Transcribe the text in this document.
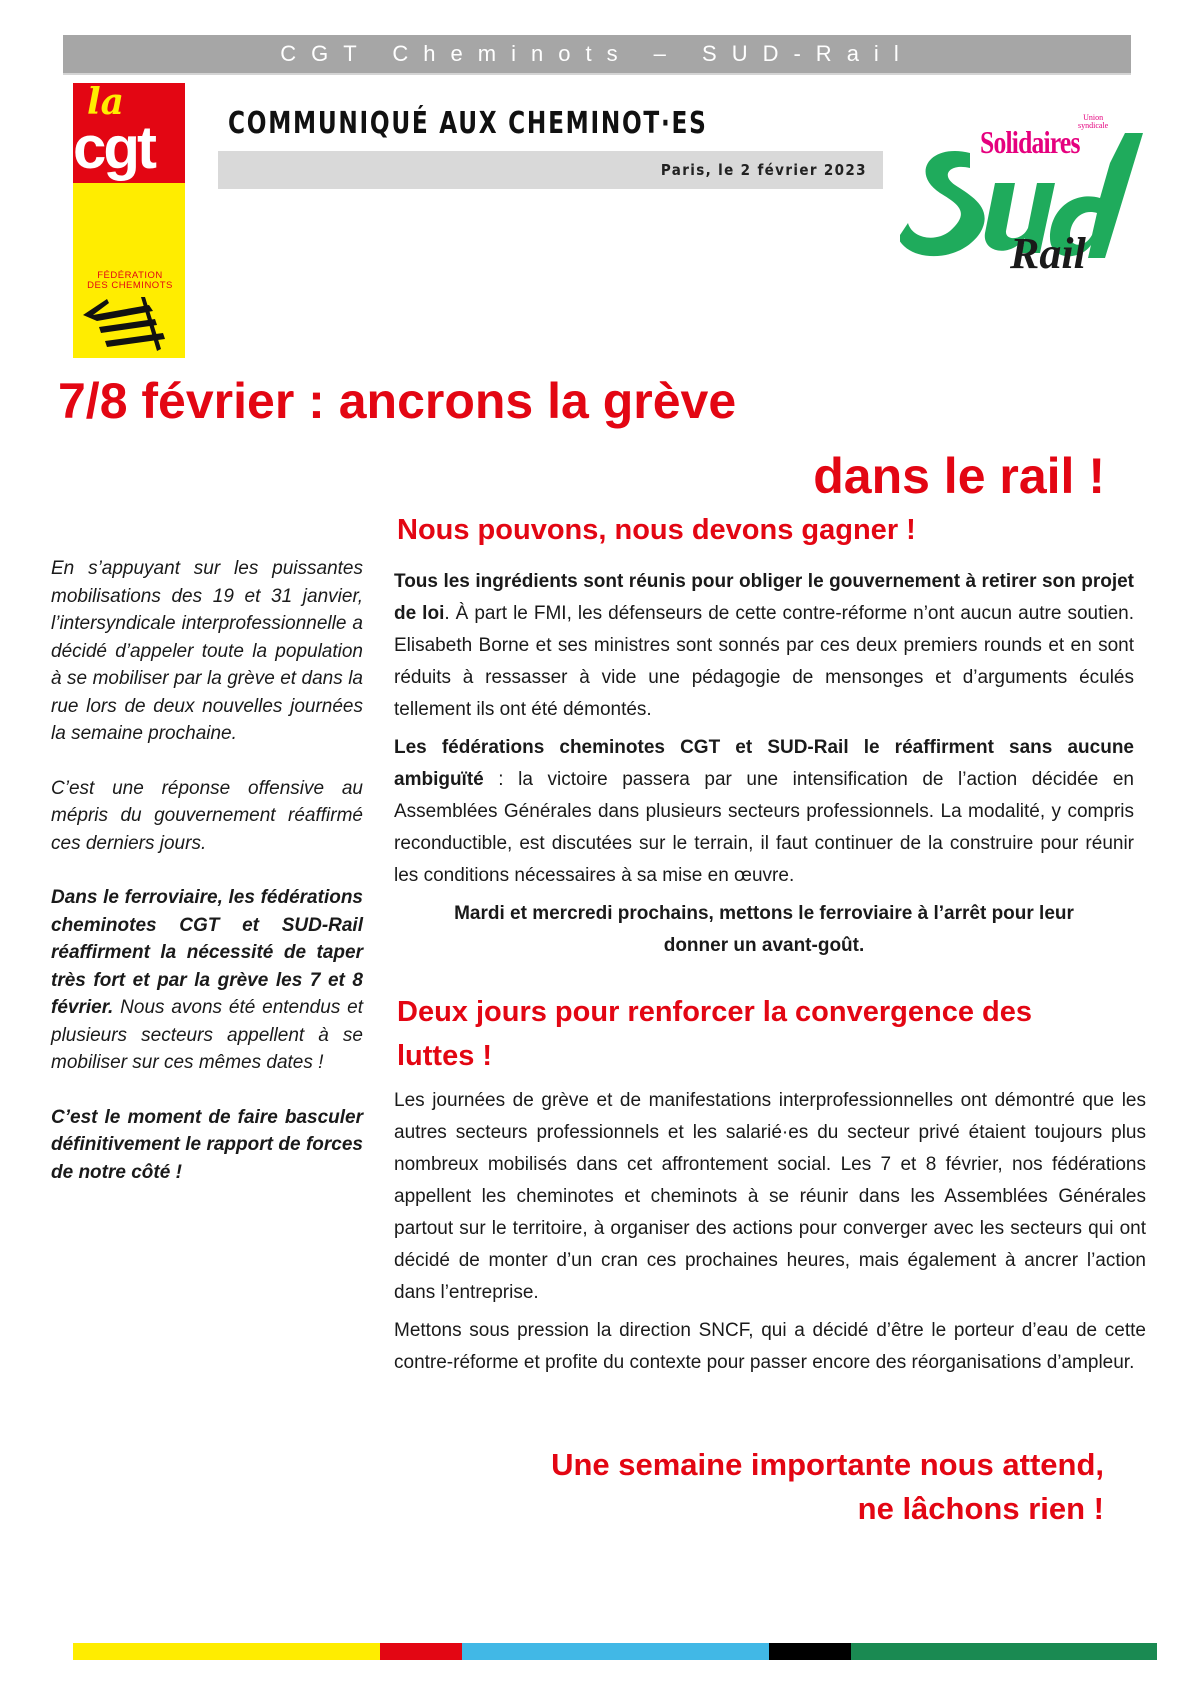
CGT Cheminots – SUD-Rail
la
cgt
FÉDÉRATION
DES CHEMINOTS
COMMUNIQUÉ AUX CHEMINOT·ES
Paris, le 2 février 2023
Union
syndicale
Solidaires
Rail
7/8 février : ancrons la grève
dans le rail !
Nous pouvons, nous devons gagner !

En s’appuyant sur les puissantes mobilisations des 19 et 31 janvier, l’intersyndicale interprofessionnelle a décidé d’appeler toute la population à se mobiliser par la grève et dans la rue lors de deux nouvelles journées la semaine prochaine.

C’est une réponse offensive au mépris du gouvernement réaffirmé ces derniers jours.

Dans le ferroviaire, les fédérations cheminotes CGT et SUD-Rail réaffirment la nécessité de taper très fort et par la grève les 7 et 8 février. Nous avons été entendus et plusieurs secteurs appellent à se mobiliser sur ces mêmes dates !

C’est le moment de faire basculer définitivement le rapport de forces de notre côté !

Tous les ingrédients sont réunis pour obliger le gouvernement à retirer son projet de loi. À part le FMI, les défenseurs de cette contre-réforme n’ont aucun autre soutien. Elisabeth Borne et ses ministres sont sonnés par ces deux premiers rounds et en sont réduits à ressasser à vide une pédagogie de mensonges et d’arguments éculés tellement ils ont été démontés.

Les fédérations cheminotes CGT et SUD-Rail le réaffirment sans aucune ambiguïté : la victoire passera par une intensification de l’action décidée en Assemblées Générales dans plusieurs secteurs professionnels. La modalité, y compris reconductible, est discutées sur le terrain, il faut continuer de la construire pour réunir les conditions nécessaires à sa mise en œuvre.

Mardi et mercredi prochains, mettons le ferroviaire à l’arrêt pour leur donner un avant-goût.

Deux jours pour renforcer la convergence des luttes !

Les journées de grève et de manifestations interprofessionnelles ont démontré que les autres secteurs professionnels et les salarié·es du secteur privé étaient toujours plus nombreux mobilisés dans cet affrontement social. Les 7 et 8 février, nos fédérations appellent les cheminotes et cheminots à se réunir dans les Assemblées Générales partout sur le territoire, à organiser des actions pour converger avec les secteurs qui ont décidé de monter d’un cran ces prochaines heures, mais également à ancrer l’action dans l’entreprise.

Mettons sous pression la direction SNCF, qui a décidé d’être le porteur d’eau de cette contre-réforme et profite du contexte pour passer encore des réorganisations d’ampleur.

Une semaine importante nous attend,
ne lâchons rien !
